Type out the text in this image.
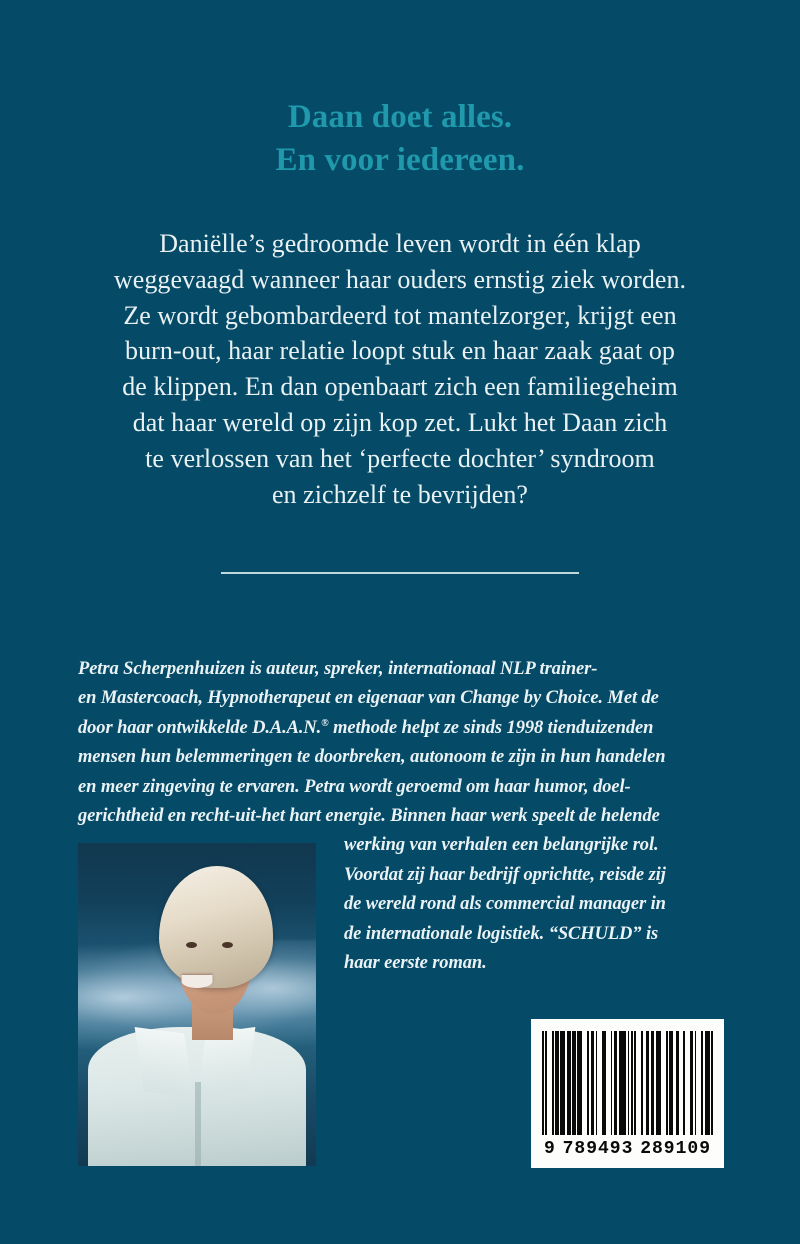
Daan doet alles.
En voor iedereen.
Daniëlle’s gedroomde leven wordt in één klap
weggevaagd wanneer haar ouders ernstig ziek worden.
Ze wordt gebombardeerd tot mantelzorger, krijgt een
burn-out, haar relatie loopt stuk en haar zaak gaat op
de klippen. En dan openbaart zich een familiegeheim
dat haar wereld op zijn kop zet. Lukt het Daan zich
te verlossen van het ‘perfecte dochter’ syndroom
en zichzelf te bevrijden?
Petra Scherpenhuizen is auteur, spreker, internationaal NLP trainer-
en Mastercoach, Hypnotherapeut en eigenaar van Change by Choice. Met de
door haar ontwikkelde D.A.A.N.® methode helpt ze sinds 1998 tienduizenden
mensen hun belemmeringen te doorbreken, autonoom te zijn in hun handelen
en meer zingeving te ervaren. Petra wordt geroemd om haar humor, doel-
gerichtheid en recht-uit-het hart energie. Binnen haar werk speelt de helende
werking van verhalen een belangrijke rol.
Voordat zij haar bedrijf oprichtte, reisde zij
de wereld rond als commercial manager in
de internationale logistiek. “SCHULD” is
haar eerste roman.
9 789493 289109
